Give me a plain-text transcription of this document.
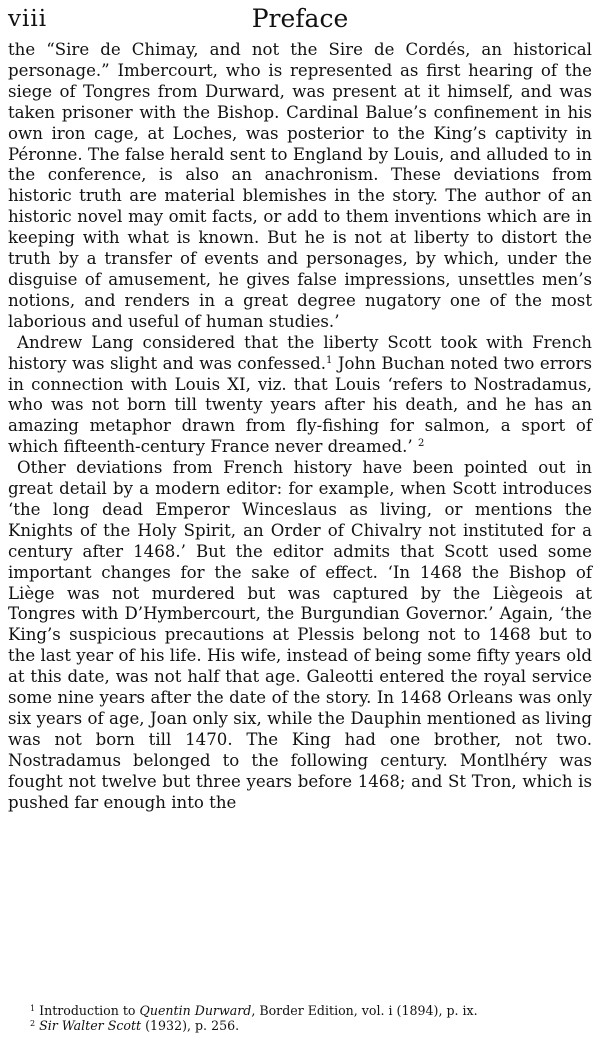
viii	Preface

the “Sire de Chimay, and not the Sire de Cordés, an historical personage.” Imbercourt, who is represented as first hearing of the siege of Tongres from Durward, was present at it himself, and was taken prisoner with the Bishop. Cardinal Balue’s confinement in his own iron cage, at Loches, was posterior to the King’s captivity in Péronne. The false herald sent to England by Louis, and alluded to in the conference, is also an anachronism. These deviations from historic truth are material blemishes in the story. The author of an historic novel may omit facts, or add to them inventions which are in keeping with what is known. But he is not at liberty to distort the truth by a transfer of events and personages, by which, under the disguise of amusement, he gives false impressions, unsettles men’s notions, and renders in a great degree nugatory one of the most laborious and useful of human studies.’

Andrew Lang considered that the liberty Scott took with French history was slight and was confessed.$^1$ John Buchan noted two errors in connection with Louis XI, viz. that Louis ‘refers to Nostradamus, who was not born till twenty years after his death, and he has an amazing metaphor drawn from fly-fishing for salmon, a sport of which fifteenth-century France never dreamed.’ $^2$

Other deviations from French history have been pointed out in great detail by a modern editor: for example, when Scott introduces ‘the long dead Emperor Winceslaus as living, or mentions the Knights of the Holy Spirit, an Order of Chivalry not instituted for a century after 1468.’ But the editor admits that Scott used some important changes for the sake of effect. ‘In 1468 the Bishop of Liège was not murdered but was captured by the Liègeois at Tongres with D’Hymbercourt, the Burgundian Governor.’ Again, ‘the King’s suspicious precautions at Plessis belong not to 1468 but to the last year of his life. His wife, instead of being some fifty years old at this date, was not half that age. Galeotti entered the royal service some nine years after the date of the story. In 1468 Orleans was only six years of age, Joan only six, while the Dauphin mentioned as living was not born till 1470. The King had one brother, not two. Nostradamus belonged to the following century. Montlhéry was fought not twelve but three years before 1468; and St Tron, which is pushed far enough into the

$^1$ Introduction to Quentin Durward, Border Edition, vol. i (1894), p. ix.
$^2$ Sir Walter Scott (1932), p. 256.
